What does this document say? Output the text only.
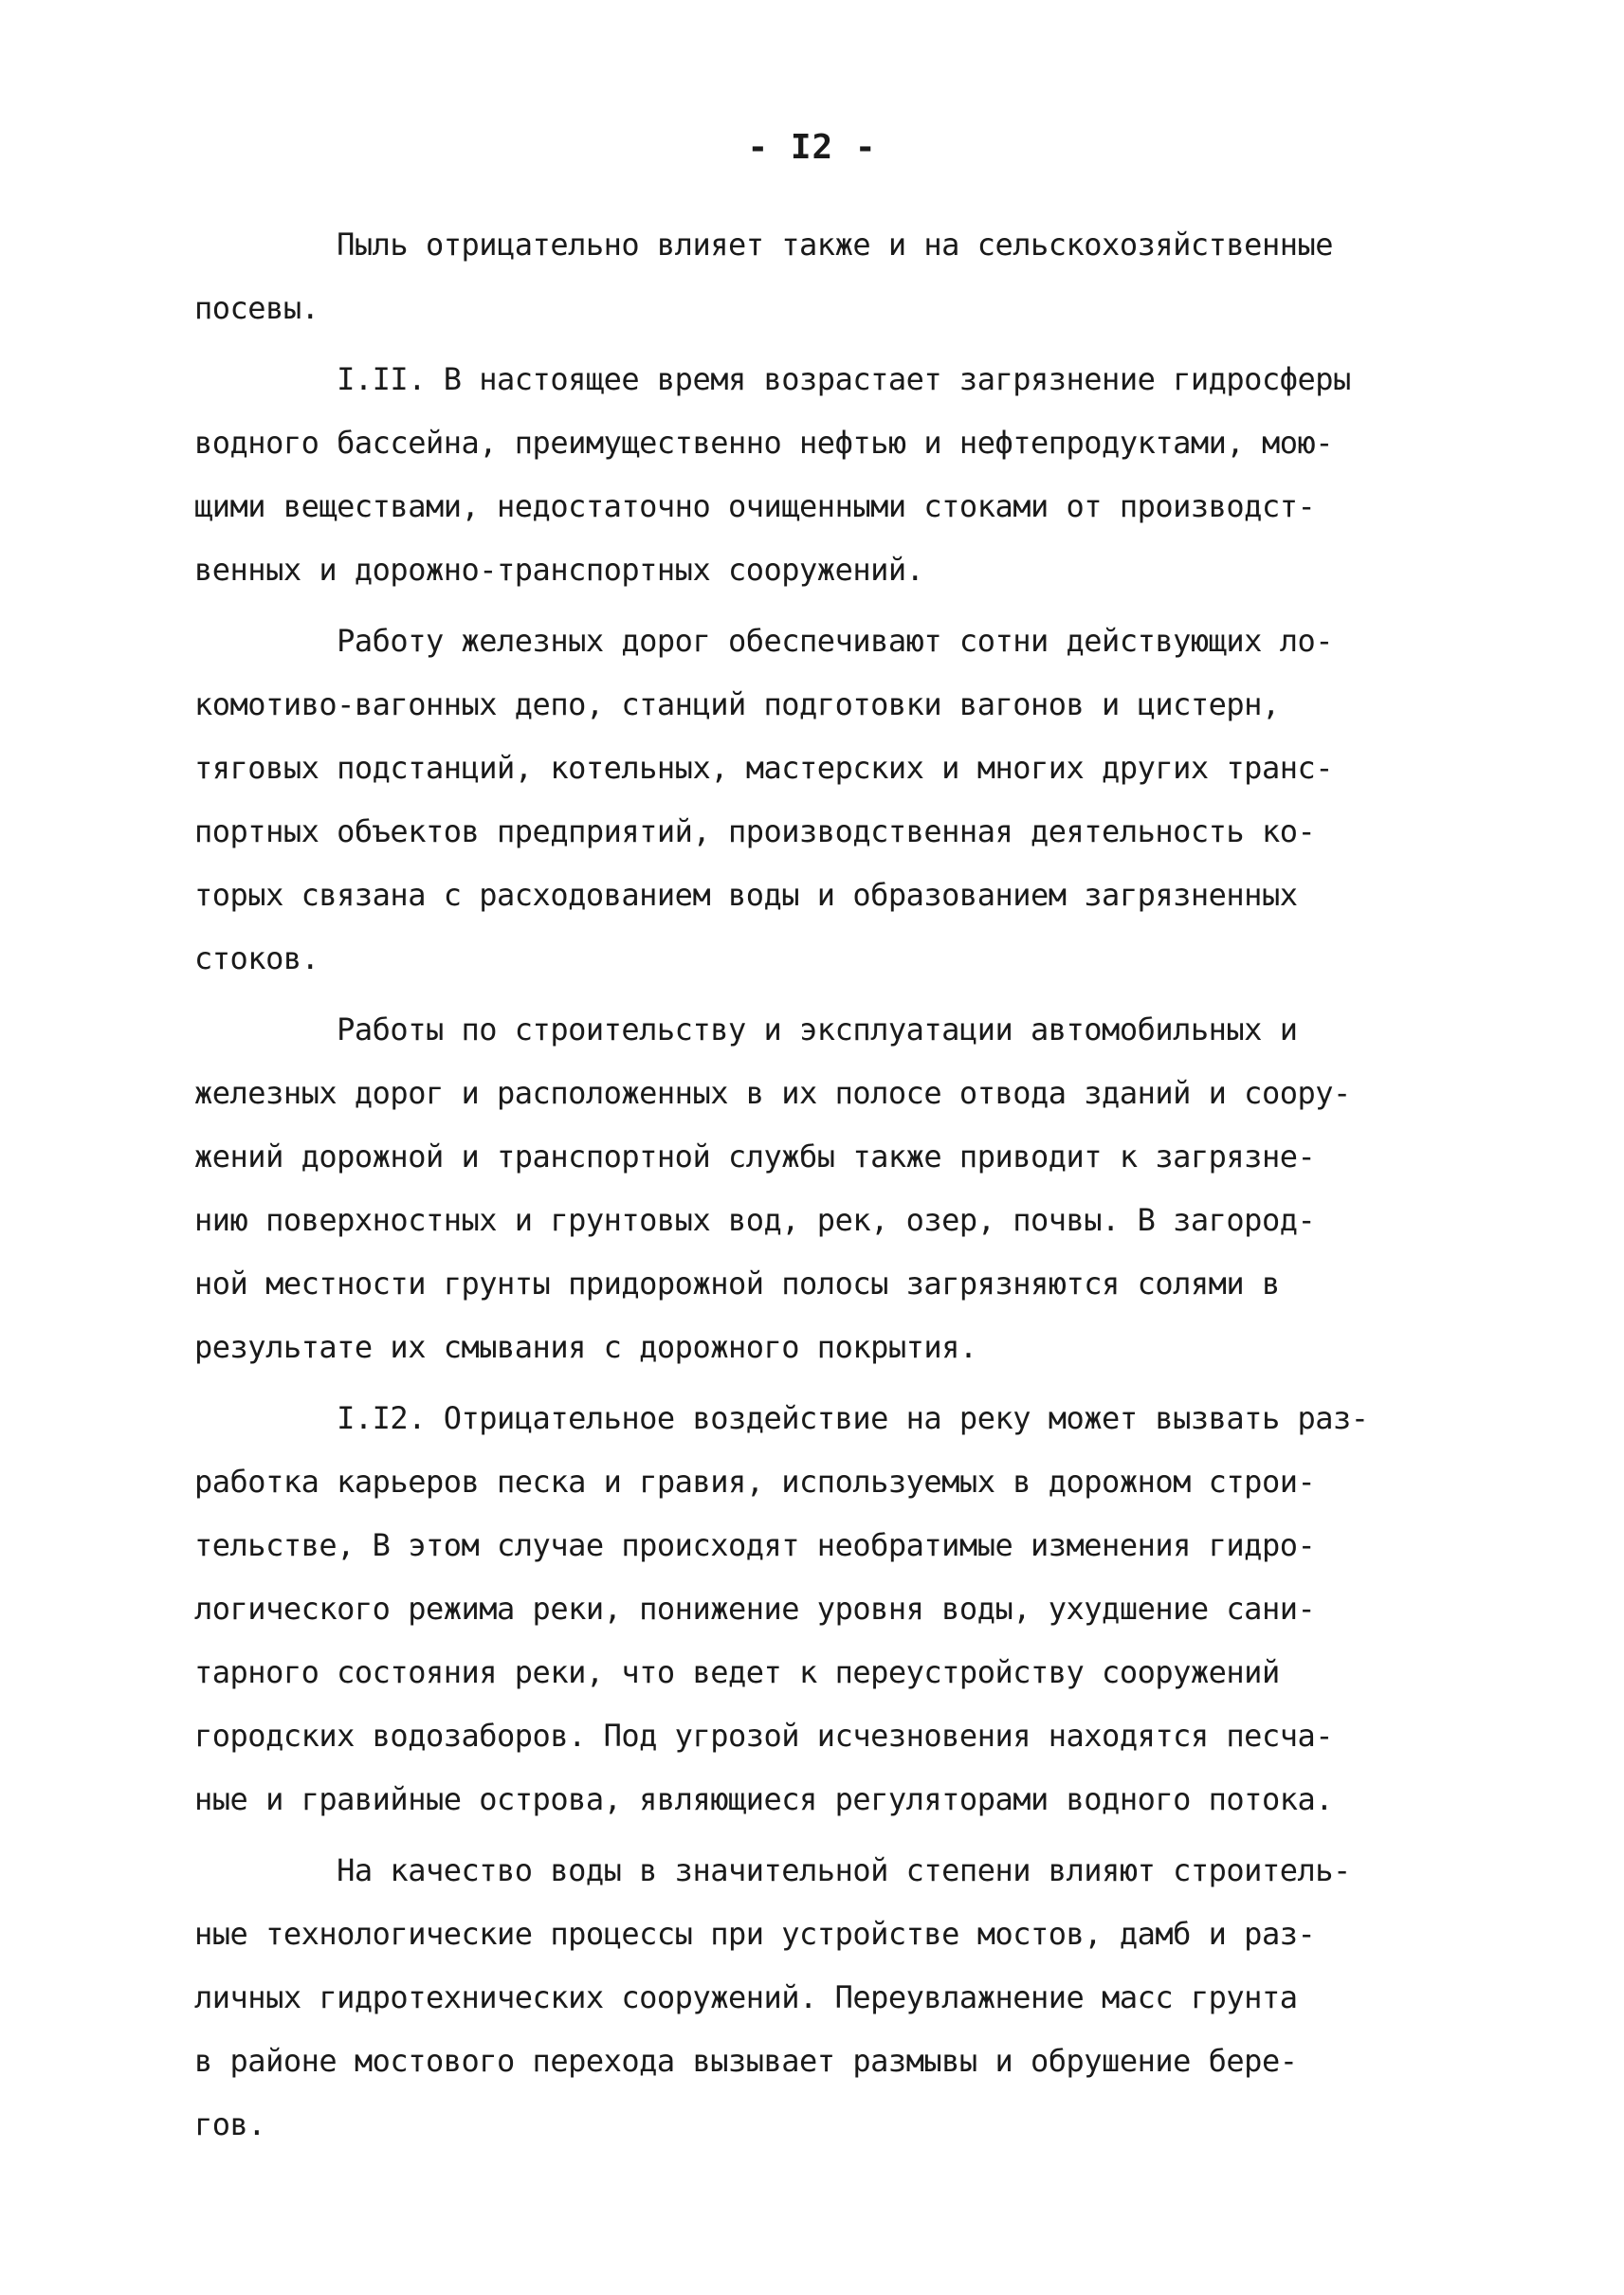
- I2 -
Пыль отрицательно влияет также и на сельскохозяйственные
посевы.
I.II. В настоящее время возрастает загрязнение гидросферы
водного бассейна, преимущественно нефтью и нефтепродуктами, мою-
щими веществами, недостаточно очищенными стоками от производст-
венных и дорожно-транспортных сооружений.
Работу железных дорог обеспечивают сотни действующих ло-
комотиво-вагонных депо, станций подготовки вагонов и цистерн,
тяговых подстанций, котельных, мастерских и многих других транс-
портных объектов предприятий, производственная деятельность ко-
торых связана с расходованием воды и образованием загрязненных
стоков.
Работы по строительству и эксплуатации автомобильных и
железных дорог и расположенных в их полосе отвода зданий и соору-
жений дорожной и транспортной службы также приводит к загрязне-
нию поверхностных и грунтовых вод, рек, озер, почвы. В загород-
ной местности грунты придорожной полосы загрязняются солями в
результате их смывания с дорожного покрытия.
I.I2. Отрицательное воздействие на реку может вызвать раз-
работка карьеров песка и гравия, используемых в дорожном строи-
тельстве, В этом случае происходят необратимые изменения гидро-
логического режима реки, понижение уровня воды, ухудшение сани-
тарного состояния реки, что ведет к переустройству сооружений
городских водозаборов. Под угрозой исчезновения находятся песча-
ные и гравийные острова, являющиеся регуляторами водного потока.
На качество воды в значительной степени влияют строитель-
ные технологические процессы при устройстве мостов, дамб и раз-
личных гидротехнических сооружений. Переувлажнение масс грунта
в районе мостового перехода вызывает размывы и обрушение бере-
гов.
